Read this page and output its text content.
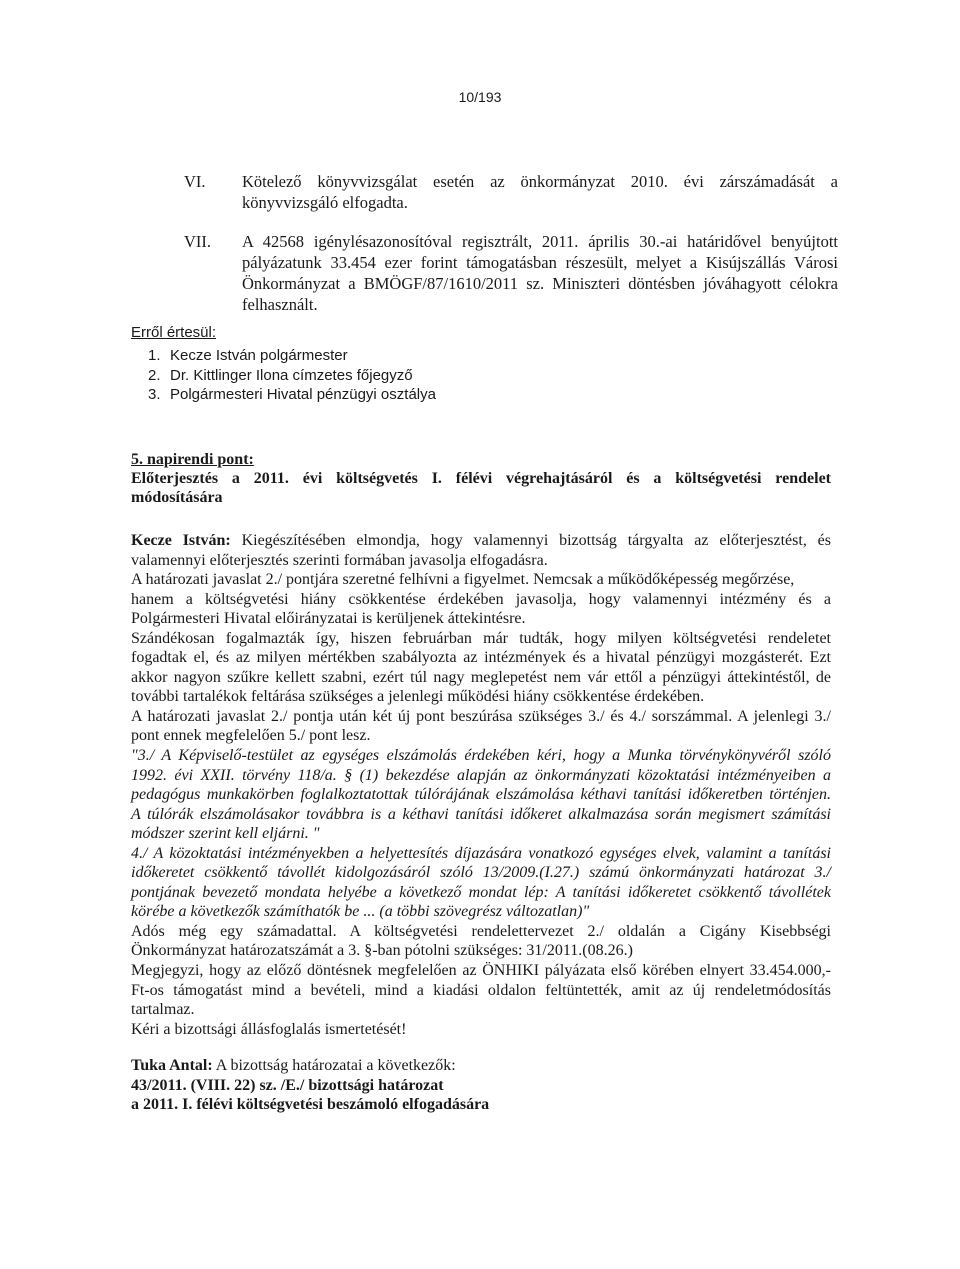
10/193
VI.	Kötelező könyvvizsgálat esetén az önkormányzat 2010. évi zárszámadását a
könyvvizsgáló elfogadta.
VII.	A 42568 igénylésazonosítóval regisztrált, 2011. április 30.-ai határidővel benyújtott
pályázatunk 33.454 ezer forint támogatásban részesült, melyet a Kisújszállás Városi
Önkormányzat a BMÖGF/87/1610/2011 sz. Miniszteri döntésben jóváhagyott célokra
felhasznált.
Erről értesül:
1. Kecze István polgármester
2. Dr. Kittlinger Ilona címzetes főjegyző
3. Polgármesteri Hivatal pénzügyi osztálya
5. napirendi pont:
Előterjesztés a 2011. évi költségvetés I. félévi végrehajtásáról és a költségvetési rendelet
módosítására
Kecze István: Kiegészítésében elmondja, hogy valamennyi bizottság tárgyalta az előterjesztést, és
valamennyi előterjesztés szerinti formában javasolja elfogadásra.
A határozati javaslat 2./ pontjára szeretné felhívni a figyelmet. Nemcsak a működőképesség megőrzése,
hanem a költségvetési hiány csökkentése érdekében javasolja, hogy valamennyi intézmény és a
Polgármesteri Hivatal előirányzatai is kerüljenek áttekintésre.
Szándékosan fogalmazták így, hiszen februárban már tudták, hogy milyen költségvetési rendeletet
fogadtak el, és az milyen mértékben szabályozta az intézmények és a hivatal pénzügyi mozgásterét. Ezt
akkor nagyon szűkre kellett szabni, ezért túl nagy meglepetést nem vár ettől a pénzügyi áttekintéstől, de
további tartalékok feltárása szükséges a jelenlegi működési hiány csökkentése érdekében.
A határozati javaslat 2./ pontja után két új pont beszúrása szükséges 3./ és 4./ sorszámmal. A jelenlegi 3./
pont ennek megfelelően 5./ pont lesz.
"3./ A Képviselő-testület az egységes elszámolás érdekében kéri, hogy a Munka törvénykönyvéről szóló
1992. évi XXII. törvény 118/a. § (1) bekezdése alapján az önkormányzati közoktatási intézményeiben a
pedagógus munkakörben foglalkoztatottak túlórájának elszámolása kéthavi tanítási időkeretben történjen.
A túlórák elszámolásakor továbbra is a kéthavi tanítási időkeret alkalmazása során megismert számítási
módszer szerint kell eljárni. "
4./ A közoktatási intézményekben a helyettesítés díjazására vonatkozó egységes elvek, valamint a tanítási
időkeretet csökkentő távollét kidolgozásáról szóló 13/2009.(I.27.) számú önkormányzati határozat 3./
pontjának bevezető mondata helyébe a következő mondat lép: A tanítási időkeretet csökkentő távollétek
körébe a következők számíthatók be ... (a többi szövegrész változatlan)"
Adós még egy számadattal. A költségvetési rendelettervezet 2./ oldalán a Cigány Kisebbségi
Önkormányzat határozatszámát a 3. §-ban pótolni szükséges: 31/2011.(08.26.)
Megjegyzi, hogy az előző döntésnek megfelelően az ÖNHIKI pályázata első körében elnyert 33.454.000,-
Ft-os támogatást mind a bevételi, mind a kiadási oldalon feltüntették, amit az új rendeletmódosítás
tartalmaz.
Kéri a bizottsági állásfoglalás ismertetését!
Tuka Antal: A bizottság határozatai a következők:
43/2011. (VIII. 22) sz. /E./ bizottsági határozat
a 2011. I. félévi költségvetési beszámoló elfogadására
